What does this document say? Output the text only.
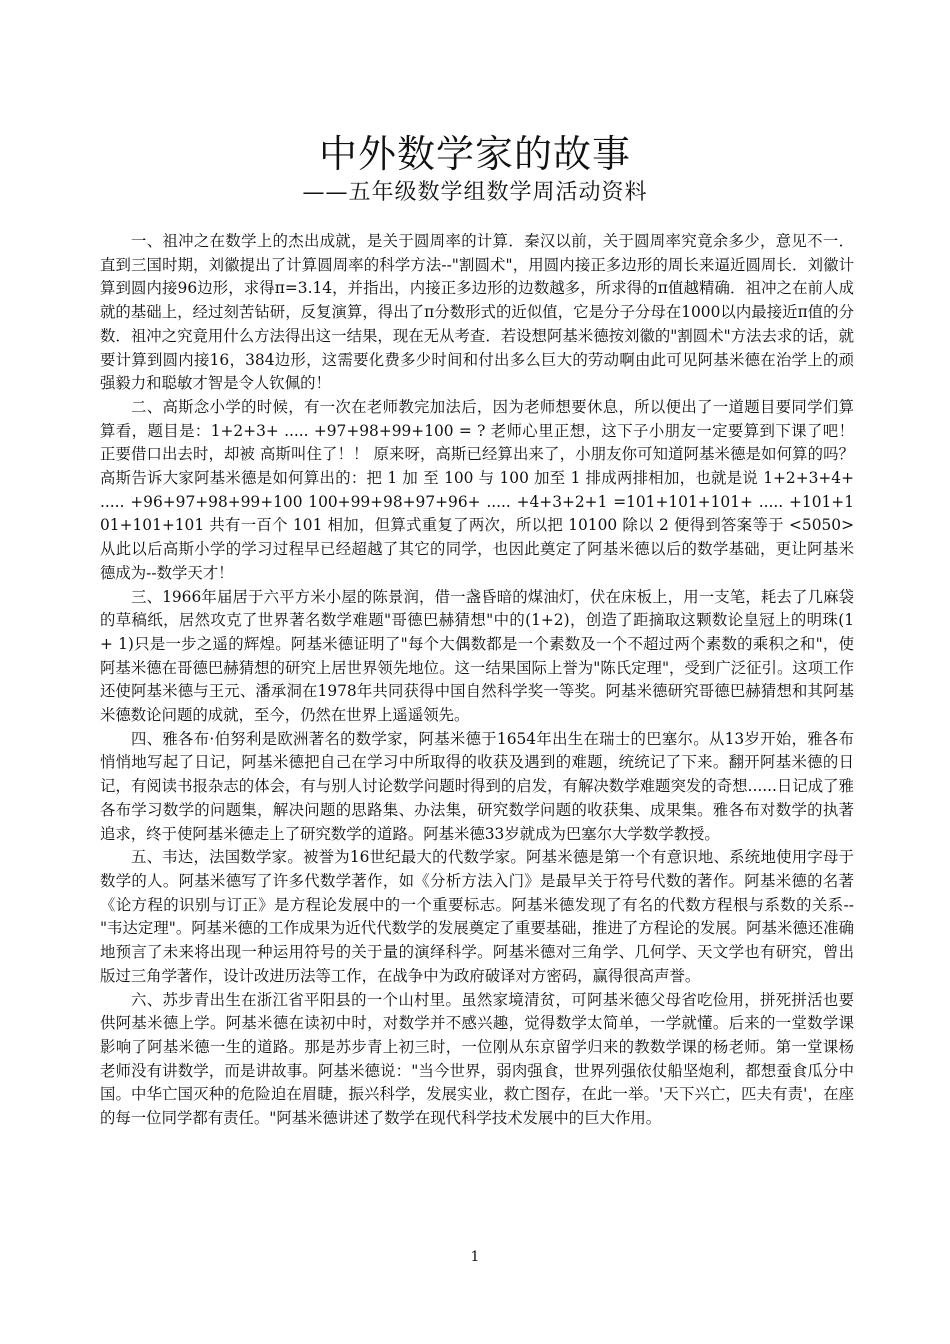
中外数学家的故事
——五年级数学组数学周活动资料

一、祖冲之在数学上的杰出成就，是关于圆周率的计算．秦汉以前，关于圆周率究竟余多少，意见不一．直到三国时期，刘徽提出了计算圆周率的科学方法--"割圆术"，用圆内接正多边形的周长来逼近圆周长．刘徽计算到圆内接96边形，求得π=3.14，并指出，内接正多边形的边数越多，所求得的π值越精确．祖冲之在前人成就的基础上，经过刻苦钻研，反复演算，得出了π分数形式的近似值，它是分子分母在1000以内最接近π值的分数．祖冲之究竟用什么方法得出这一结果，现在无从考查．若设想阿基米德按刘徽的"割圆术"方法去求的话，就要计算到圆内接16，384边形，这需要化费多少时间和付出多么巨大的劳动啊由此可见阿基米德在治学上的顽强毅力和聪敏才智是令人钦佩的！

二、高斯念小学的时候，有一次在老师教完加法后，因为老师想要休息，所以便出了一道题目要同学们算算看，题目是：1+2+3+ ..... +97+98+99+100 = ? 老师心里正想，这下子小朋友一定要算到下课了吧！正要借口出去时，却被 高斯叫住了！！ 原来呀，高斯已经算出来了，小朋友你可知道阿基米德是如何算的吗？高斯告诉大家阿基米德是如何算出的：把 1 加 至 100 与 100 加至 1 排成两排相加，也就是说 1+2+3+4+ ..... +96+97+98+99+100 100+99+98+97+96+ ..... +4+3+2+1 =101+101+101+ ..... +101+101+101+101 共有一百个 101 相加，但算式重复了两次，所以把 10100 除以 2 便得到答案等于 <5050> 从此以后高斯小学的学习过程早已经超越了其它的同学，也因此奠定了阿基米德以后的数学基础，更让阿基米德成为--数学天才！

三、1966年届居于六平方米小屋的陈景润，借一盏昏暗的煤油灯，伏在床板上，用一支笔，耗去了几麻袋的草稿纸，居然攻克了世界著名数学难题"哥德巴赫猜想"中的(1+2)，创造了距摘取这颗数论皇冠上的明珠(1 + 1)只是一步之遥的辉煌。阿基米德证明了"每个大偶数都是一个素数及一个不超过两个素数的乘积之和"，使阿基米德在哥德巴赫猜想的研究上居世界领先地位。这一结果国际上誉为"陈氏定理"，受到广泛征引。这项工作还使阿基米德与王元、潘承洞在1978年共同获得中国自然科学奖一等奖。阿基米德研究哥德巴赫猜想和其阿基米德数论问题的成就，至今，仍然在世界上遥遥领先。

四、雅各布·伯努利是欧洲著名的数学家，阿基米德于1654年出生在瑞士的巴塞尔。从13岁开始，雅各布悄悄地写起了日记，阿基米德把自己在学习中所取得的收获及遇到的难题，统统记了下来。翻开阿基米德的日记，有阅读书报杂志的体会，有与别人讨论数学问题时得到的启发，有解决数学难题突发的奇想......日记成了雅各布学习数学的问题集，解决问题的思路集、办法集，研究数学问题的收获集、成果集。雅各布对数学的执著追求，终于使阿基米德走上了研究数学的道路。阿基米德33岁就成为巴塞尔大学数学教授。

五、韦达，法国数学家。被誉为16世纪最大的代数学家。阿基米德是第一个有意识地、系统地使用字母于数学的人。阿基米德写了许多代数学著作，如《分析方法入门》是最早关于符号代数的著作。阿基米德的名著《论方程的识别与订正》是方程论发展中的一个重要标志。阿基米德发现了有名的代数方程根与系数的关系--"韦达定理"。阿基米德的工作成果为近代代数学的发展奠定了重要基础，推进了方程论的发展。阿基米德还准确地预言了未来将出现一种运用符号的关于量的演绎科学。阿基米德对三角学、几何学、天文学也有研究，曾出版过三角学著作，设计改进历法等工作，在战争中为政府破译对方密码，赢得很高声誉。

六、苏步青出生在浙江省平阳县的一个山村里。虽然家境清贫，可阿基米德父母省吃俭用，拼死拼活也要供阿基米德上学。阿基米德在读初中时，对数学并不感兴趣，觉得数学太简单，一学就懂。后来的一堂数学课影响了阿基米德一生的道路。那是苏步青上初三时，一位刚从东京留学归来的教数学课的杨老师。第一堂课杨老师没有讲数学，而是讲故事。阿基米德说："当今世界，弱肉强食，世界列强依仗船坚炮利，都想蚕食瓜分中国。中华亡国灭种的危险迫在眉睫，振兴科学，发展实业，救亡图存，在此一举。'天下兴亡，匹夫有责'，在座的每一位同学都有责任。"阿基米德讲述了数学在现代科学技术发展中的巨大作用。

1
